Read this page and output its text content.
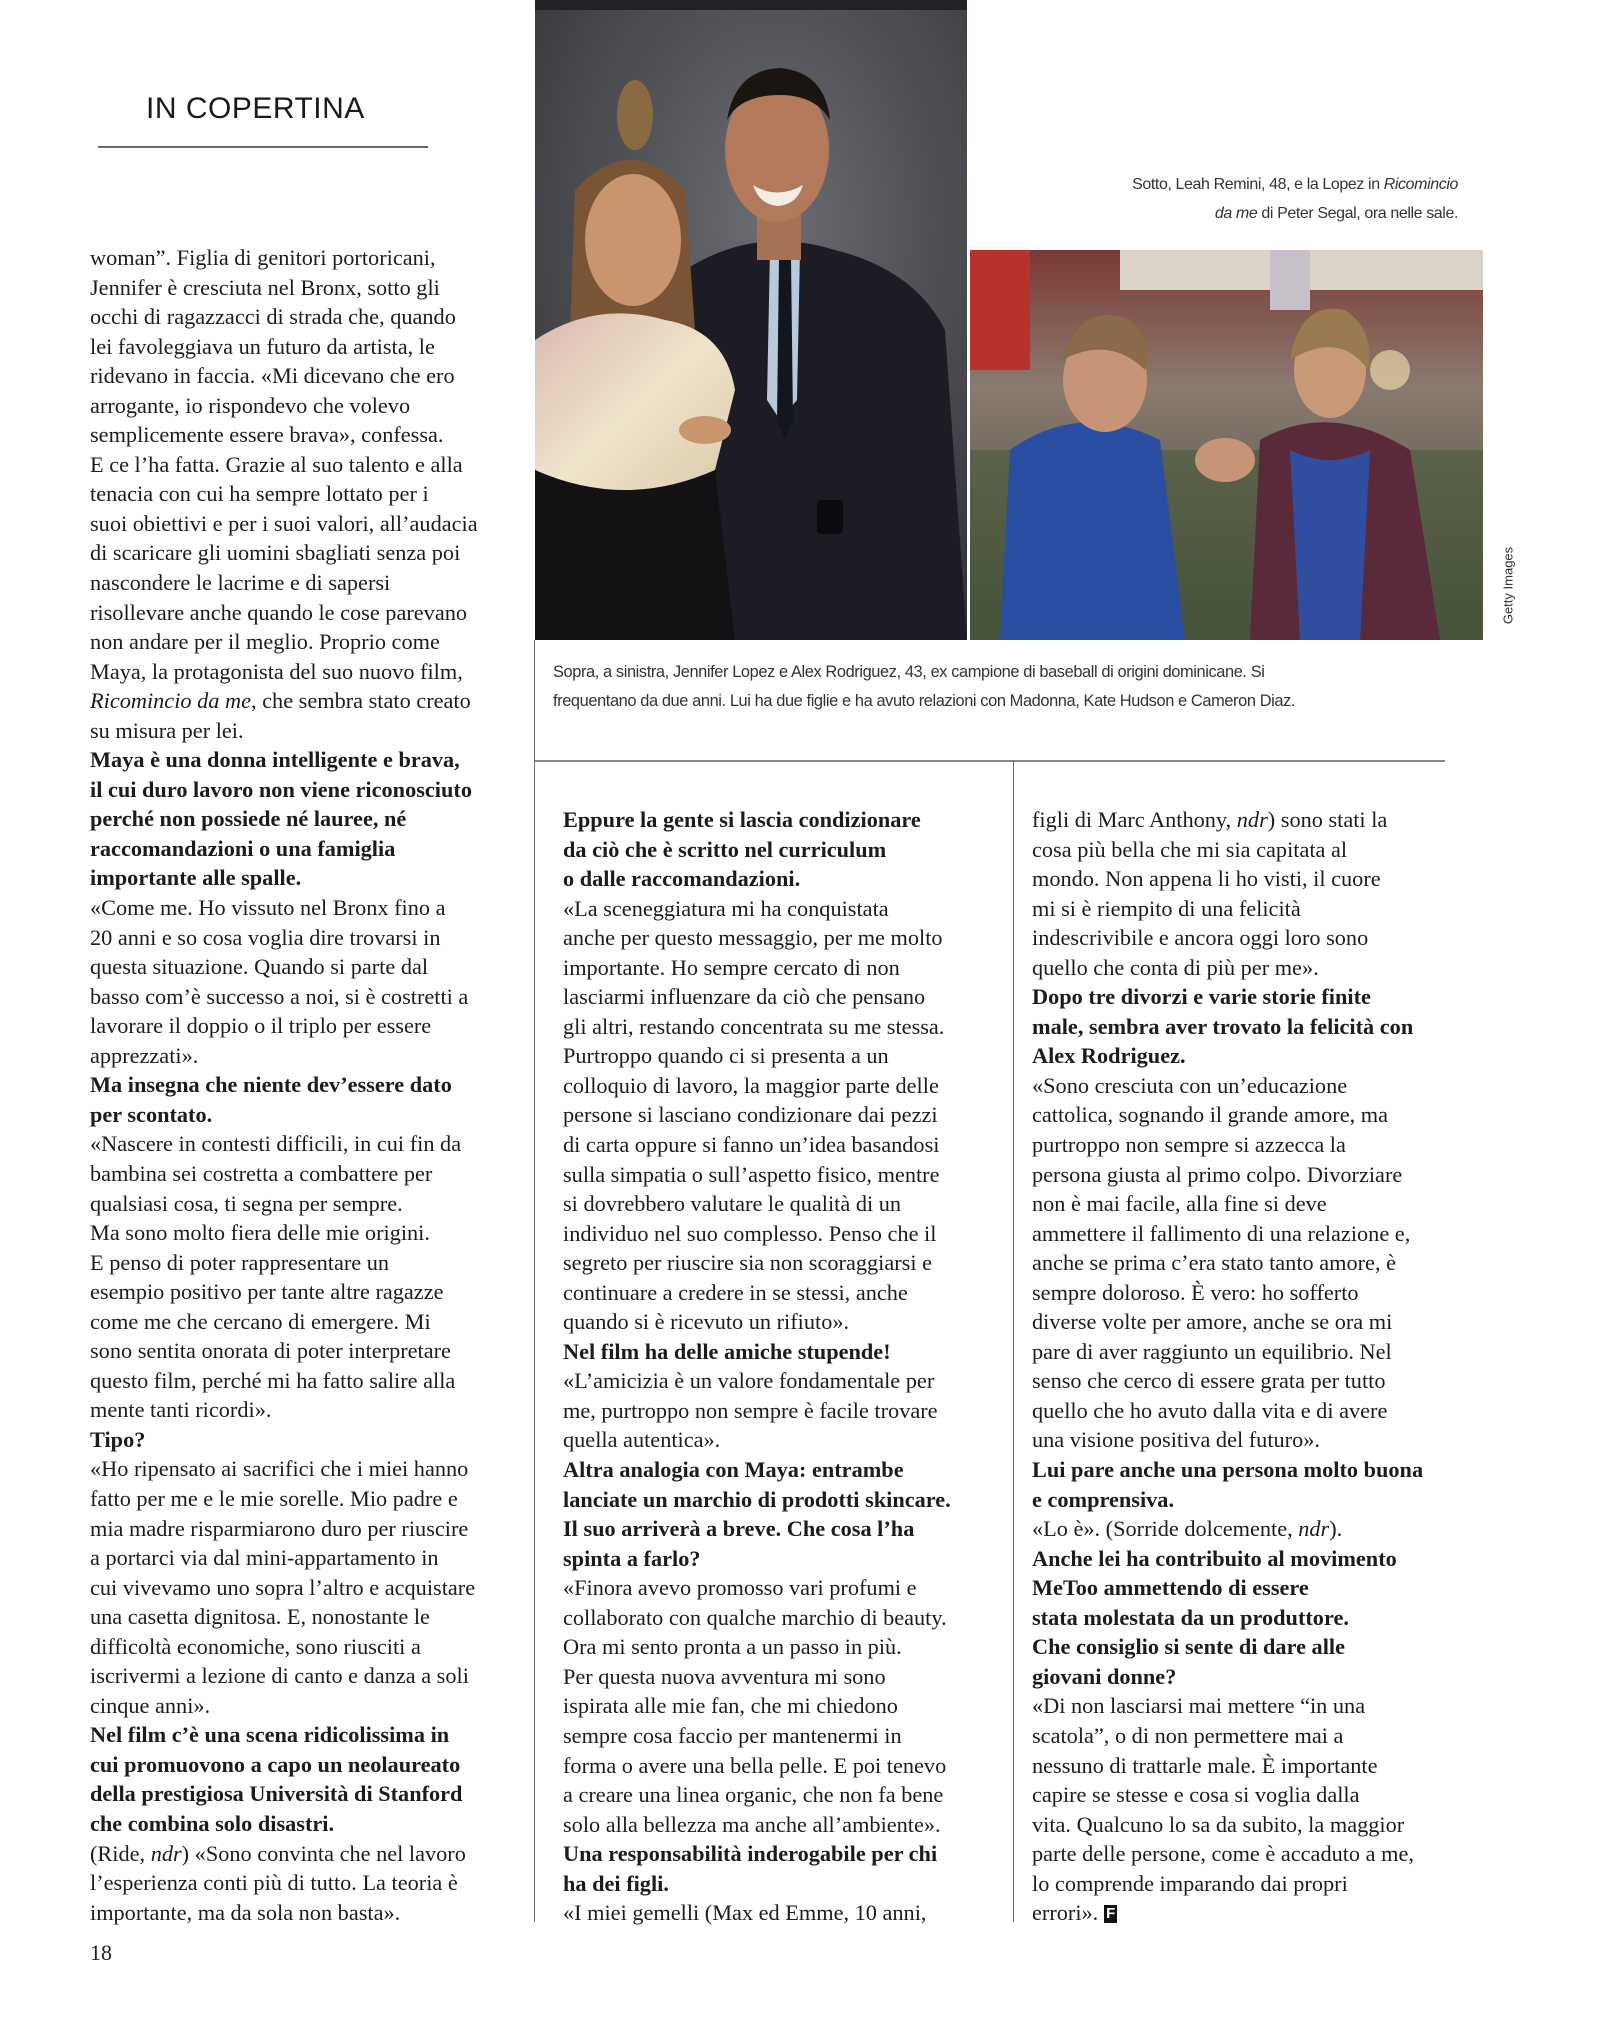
IN COPERTINA
Sotto, Leah Remini, 48, e la Lopez in Ricomincio
da me di Peter Segal, ora nelle sale.
Getty Images
Sopra, a sinistra, Jennifer Lopez e Alex Rodriguez, 43, ex campione di baseball di origini dominicane. Si
frequentano da due anni. Lui ha due figlie e ha avuto relazioni con Madonna, Kate Hudson e Cameron Diaz.
woman”. Figlia di genitori portoricani,
Jennifer è cresciuta nel Bronx, sotto gli
occhi di ragazzacci di strada che, quando
lei favoleggiava un futuro da artista, le
ridevano in faccia. «Mi dicevano che ero
arrogante, io rispondevo che volevo
semplicemente essere brava», confessa.
E ce l’ha fatta. Grazie al suo talento e alla
tenacia con cui ha sempre lottato per i
suoi obiettivi e per i suoi valori, all’audacia
di scaricare gli uomini sbagliati senza poi
nascondere le lacrime e di sapersi
risollevare anche quando le cose parevano
non andare per il meglio. Proprio come
Maya, la protagonista del suo nuovo film,
Ricomincio da me, che sembra stato creato
su misura per lei.
Maya è una donna intelligente e brava,
il cui duro lavoro non viene riconosciuto
perché non possiede né lauree, né
raccomandazioni o una famiglia
importante alle spalle.
«Come me. Ho vissuto nel Bronx fino a
20 anni e so cosa voglia dire trovarsi in
questa situazione. Quando si parte dal
basso com’è successo a noi, si è costretti a
lavorare il doppio o il triplo per essere
apprezzati».
Ma insegna che niente dev’essere dato
per scontato.
«Nascere in contesti difficili, in cui fin da
bambina sei costretta a combattere per
qualsiasi cosa, ti segna per sempre.
Ma sono molto fiera delle mie origini.
E penso di poter rappresentare un
esempio positivo per tante altre ragazze
come me che cercano di emergere. Mi
sono sentita onorata di poter interpretare
questo film, perché mi ha fatto salire alla
mente tanti ricordi».
Tipo?
«Ho ripensato ai sacrifici che i miei hanno
fatto per me e le mie sorelle. Mio padre e
mia madre risparmiarono duro per riuscire
a portarci via dal mini-appartamento in
cui vivevamo uno sopra l’altro e acquistare
una casetta dignitosa. E, nonostante le
difficoltà economiche, sono riusciti a
iscrivermi a lezione di canto e danza a soli
cinque anni».
Nel film c’è una scena ridicolissima in
cui promuovono a capo un neolaureato
della prestigiosa Università di Stanford
che combina solo disastri.
(Ride, ndr) «Sono convinta che nel lavoro
l’esperienza conti più di tutto. La teoria è
importante, ma da sola non basta».
Eppure la gente si lascia condizionare
da ciò che è scritto nel curriculum
o dalle raccomandazioni.
«La sceneggiatura mi ha conquistata
anche per questo messaggio, per me molto
importante. Ho sempre cercato di non
lasciarmi influenzare da ciò che pensano
gli altri, restando concentrata su me stessa.
Purtroppo quando ci si presenta a un
colloquio di lavoro, la maggior parte delle
persone si lasciano condizionare dai pezzi
di carta oppure si fanno un’idea basandosi
sulla simpatia o sull’aspetto fisico, mentre
si dovrebbero valutare le qualità di un
individuo nel suo complesso. Penso che il
segreto per riuscire sia non scoraggiarsi e
continuare a credere in se stessi, anche
quando si è ricevuto un rifiuto».
Nel film ha delle amiche stupende!
«L’amicizia è un valore fondamentale per
me, purtroppo non sempre è facile trovare
quella autentica».
Altra analogia con Maya: entrambe
lanciate un marchio di prodotti skincare.
Il suo arriverà a breve. Che cosa l’ha
spinta a farlo?
«Finora avevo promosso vari profumi e
collaborato con qualche marchio di beauty.
Ora mi sento pronta a un passo in più.
Per questa nuova avventura mi sono
ispirata alle mie fan, che mi chiedono
sempre cosa faccio per mantenermi in
forma o avere una bella pelle. E poi tenevo
a creare una linea organic, che non fa bene
solo alla bellezza ma anche all’ambiente».
Una responsabilità inderogabile per chi
ha dei figli.
«I miei gemelli (Max ed Emme, 10 anni,
figli di Marc Anthony, ndr) sono stati la
cosa più bella che mi sia capitata al
mondo. Non appena li ho visti, il cuore
mi si è riempito di una felicità
indescrivibile e ancora oggi loro sono
quello che conta di più per me».
Dopo tre divorzi e varie storie finite
male, sembra aver trovato la felicità con
Alex Rodriguez.
«Sono cresciuta con un’educazione
cattolica, sognando il grande amore, ma
purtroppo non sempre si azzecca la
persona giusta al primo colpo. Divorziare
non è mai facile, alla fine si deve
ammettere il fallimento di una relazione e,
anche se prima c’era stato tanto amore, è
sempre doloroso. È vero: ho sofferto
diverse volte per amore, anche se ora mi
pare di aver raggiunto un equilibrio. Nel
senso che cerco di essere grata per tutto
quello che ho avuto dalla vita e di avere
una visione positiva del futuro».
Lui pare anche una persona molto buona
e comprensiva.
«Lo è». (Sorride dolcemente, ndr).
Anche lei ha contribuito al movimento
MeToo ammettendo di essere
stata molestata da un produttore.
Che consiglio si sente di dare alle
giovani donne?
«Di non lasciarsi mai mettere “in una
scatola”, o di non permettere mai a
nessuno di trattarle male. È importante
capire se stesse e cosa si voglia dalla
vita. Qualcuno lo sa da subito, la maggior
parte delle persone, come è accaduto a me,
lo comprende imparando dai propri
errori». F
18
